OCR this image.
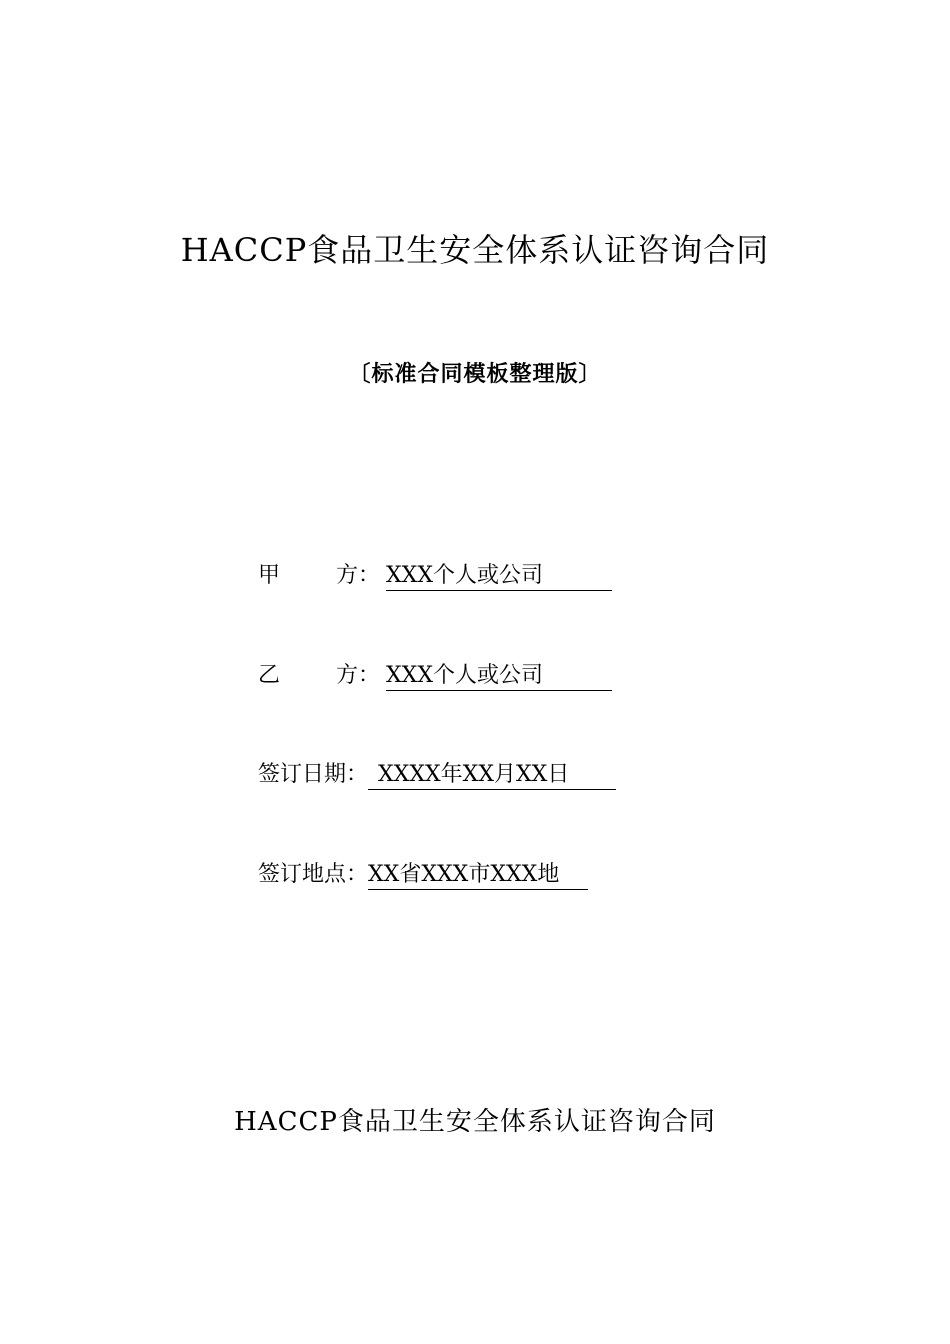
HACCP食品卫生安全体系认证咨询合同
〔标准合同模板整理版〕
甲	方： XXX个人或公司
乙	方： XXX个人或公司
签订日期： XXXX年XX月XX日
签订地点：XX省XXX市XXX地
HACCP食品卫生安全体系认证咨询合同
